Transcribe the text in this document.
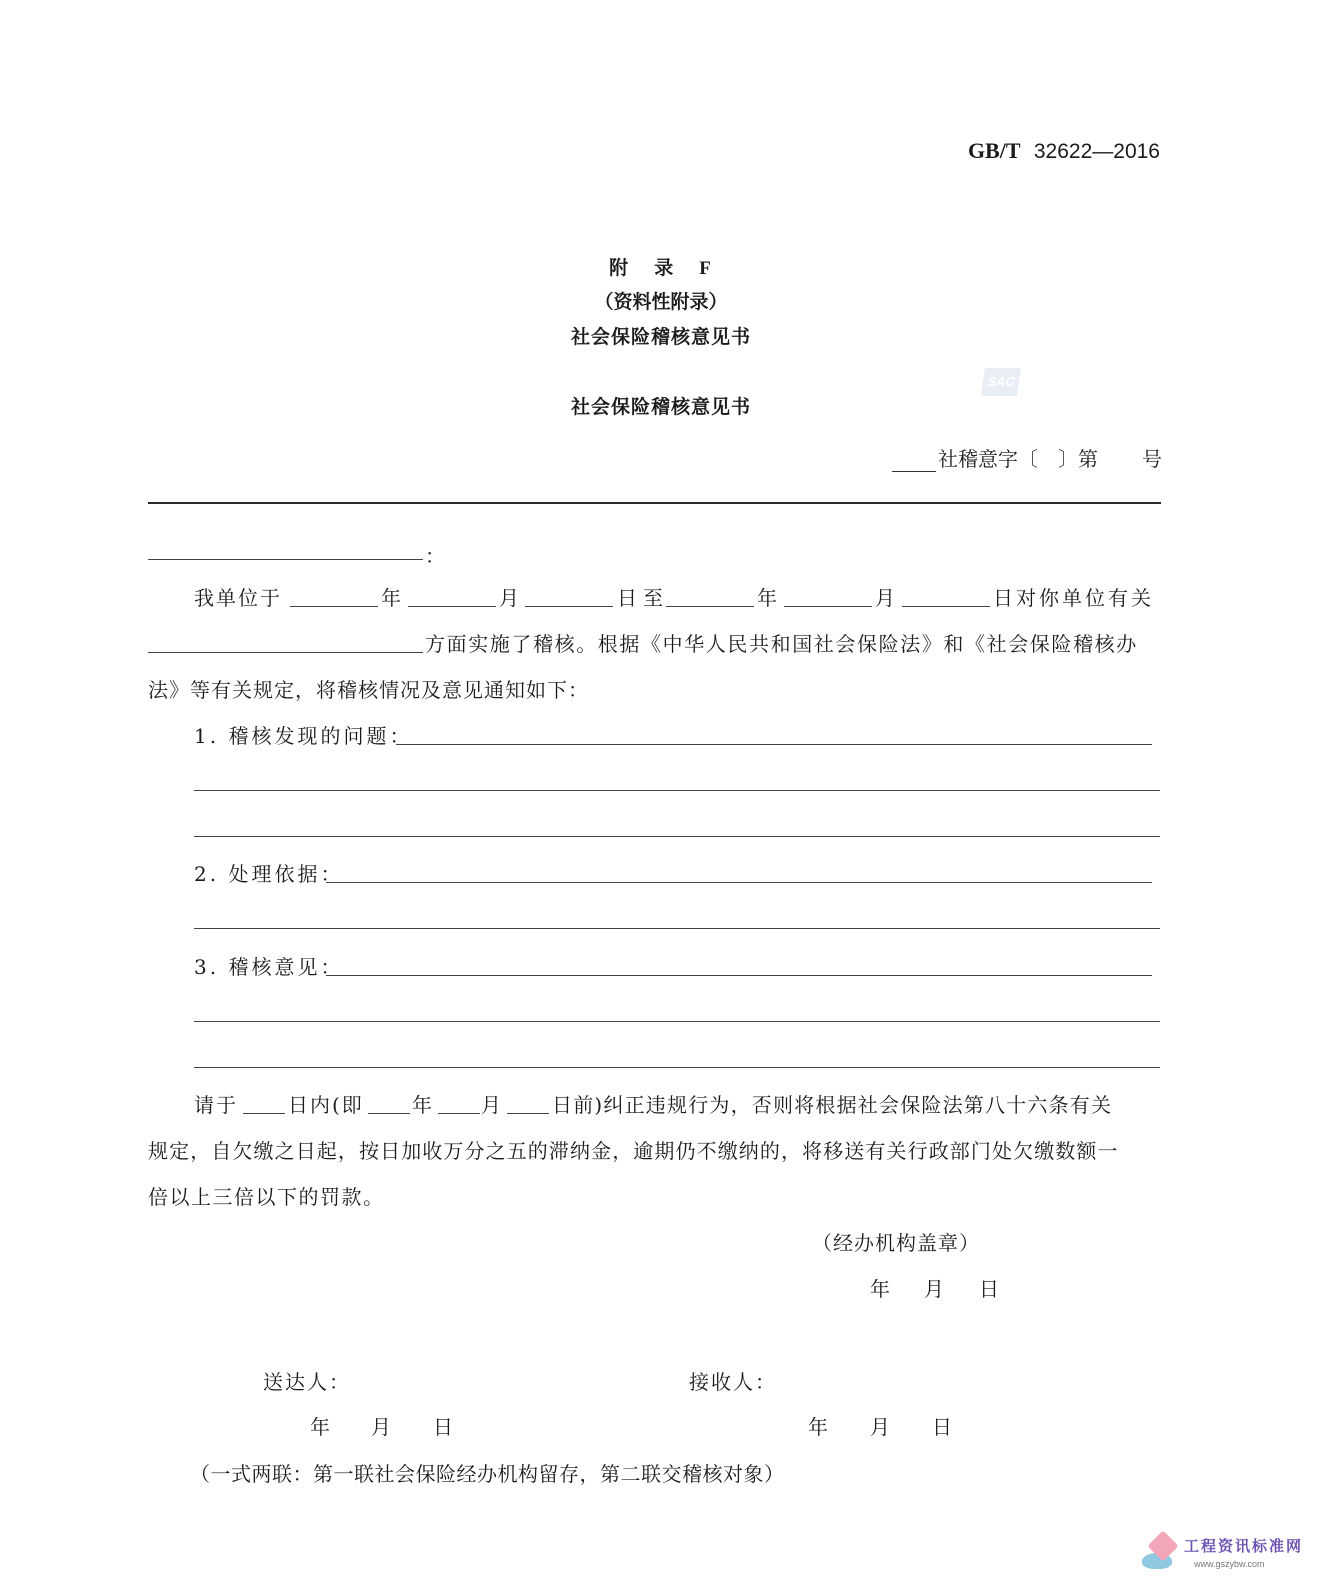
GB/T 32622—2016
附 录 F
（资料性附录）
社会保险稽核意见书
SAC
社会保险稽核意见书
社稽意字〔 〕第 号
：
我单位于	年	月	日至	年	月	日对你单位有关
方面实施了稽核。根据《中华人民共和国社会保险法》和《社会保险稽核办
法》等有关规定，将稽核情况及意见通知如下：
1. 稽核发现的问题：
2. 处理依据：
3. 稽核意见：
请于	日内(即 年 月 日前)纠正违规行为，否则将根据社会保险法第八十六条有关
规定，自欠缴之日起，按日加收万分之五的滞纳金，逾期仍不缴纳的，将移送有关行政部门处欠缴数额一
倍以上三倍以下的罚款。
（经办机构盖章）
年 月 日
送达人：	接收人：
年 月 日	年 月 日
（一式两联：第一联社会保险经办机构留存，第二联交稽核对象）
工程资讯标准网
www.gszybw.com
